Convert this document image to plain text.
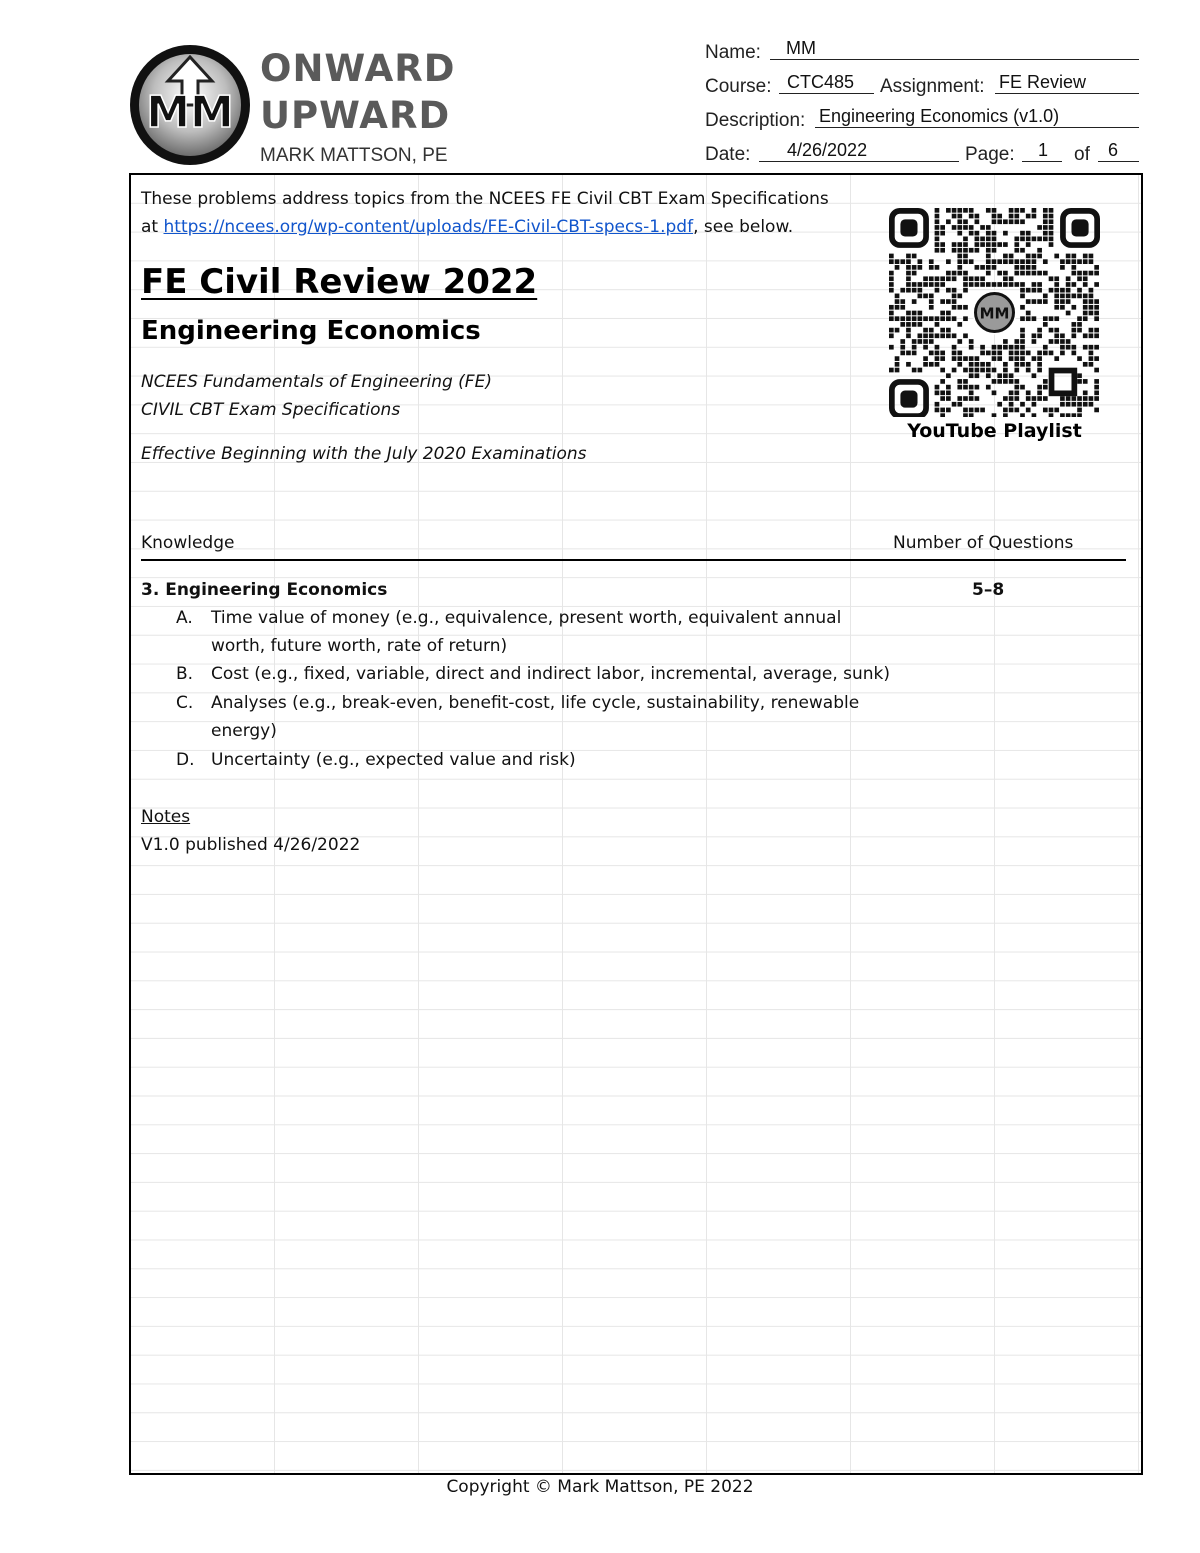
MM
ONWARD
UPWARD
MARK MATTSON, PE
Name: MM
Course: CTC485 Assignment: FE Review
Description: Engineering Economics (v1.0)
Date: 4/26/2022	Page: 1 of 6
These problems address topics from the NCEES FE Civil CBT Exam Specifications
at https://ncees.org/wp-content/uploads/FE-Civil-CBT-specs-1.pdf, see below.
FE Civil Review 2022
Engineering Economics
NCEES Fundamentals of Engineering (FE)
CIVIL CBT Exam Specifications
Effective Beginning with the July 2020 Examinations
MM
YouTube Playlist
Knowledge	Number of Questions
3. Engineering Economics	5–8
A. Time value of money (e.g., equivalence, present worth, equivalent annual
worth, future worth, rate of return)
B. Cost (e.g., fixed, variable, direct and indirect labor, incremental, average, sunk)
C. Analyses (e.g., break-even, benefit-cost, life cycle, sustainability, renewable
energy)
D. Uncertainty (e.g., expected value and risk)
Notes
V1.0 published 4/26/2022
Copyright © Mark Mattson, PE 2022
